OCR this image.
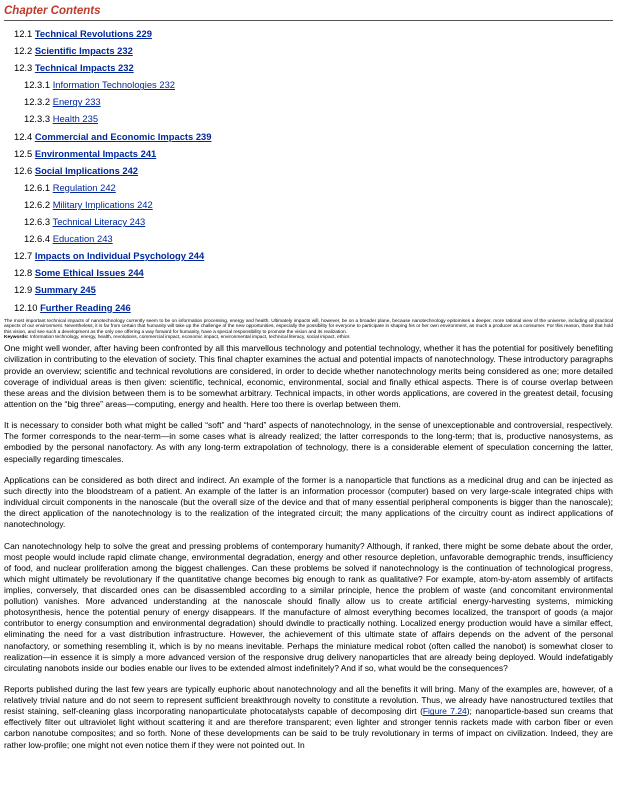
Chapter Contents
12.1 Technical Revolutions 229
12.2 Scientific Impacts 232
12.3 Technical Impacts 232
12.3.1 Information Technologies 232
12.3.2 Energy 233
12.3.3 Health 235
12.4 Commercial and Economic Impacts 239
12.5 Environmental Impacts 241
12.6 Social Implications 242
12.6.1 Regulation 242
12.6.2 Military Implications 242
12.6.3 Technical Literacy 243
12.6.4 Education 243
12.7 Impacts on Individual Psychology 244
12.8 Some Ethical Issues 244
12.9 Summary 245
12.10 Further Reading 246
The most important technical impacts of nanotechnology currently seem to be on information processing, energy and health. Ultimately impacts will, however, be on a broader plane, because nanotechnology epitomises a deeper, more rational view of the universe, including all practical aspects of our environment. Nevertheless, it is far from certain that humanity will take up the challenge of the new opportunities, especially the possibility for everyone to participate in shaping his or her own environment, as much a producer as a consumer. For this reason, those that hold this vision, and see such a development as the only one offering a way forward for humanity, have a special responsibility to promote the vision and its realization.
Keywords: Information technology, energy, health, revolutions, commercial impact, economic impact, environmental impact, technical literacy, social impact, ethics

One might well wonder, after having been confronted by all this marvellous technology and potential technology, whether it has the potential for positively benefiting civilization in contributing to the elevation of society. This final chapter examines the actual and potential impacts of nanotechnology. These introductory paragraphs provide an overview; scientific and technical revolutions are considered, in order to decide whether nanotechnology merits being considered as one; more detailed coverage of individual areas is then given: scientific, technical, economic, environmental, social and finally ethical aspects. There is of course overlap between these areas and the division between them is to be somewhat arbitrary. Technical impacts, in other words applications, are covered in the greatest detail, focusing attention on the “big three” areas—computing, energy and health. Here too there is overlap between them.

It is necessary to consider both what might be called “soft” and “hard” aspects of nanotechnology, in the sense of unexceptionable and controversial, respectively. The former corresponds to the near-term—in some cases what is already realized; the latter corresponds to the long-term; that is, productive nanosystems, as embodied by the personal nanofactory. As with any long-term extrapolation of technology, there is a considerable element of speculation concerning the latter, especially regarding timescales.

Applications can be considered as both direct and indirect. An example of the former is a nanoparticle that functions as a medicinal drug and can be injected as such directly into the bloodstream of a patient. An example of the latter is an information processor (computer) based on very large-scale integrated chips with individual circuit components in the nanoscale (but the overall size of the device and that of many essential peripheral components is bigger than the nanoscale); the direct application of the nanotechnology is to the realization of the integrated circuit; the many applications of the circuitry count as indirect applications of nanotechnology.

Can nanotechnology help to solve the great and pressing problems of contemporary humanity? Although, if ranked, there might be some debate about the order, most people would include rapid climate change, environmental degradation, energy and other resource depletion, unfavorable demographic trends, insufficiency of food, and nuclear proliferation among the biggest challenges. Can these problems be solved if nanotechnology is the continuation of technological progress, which might ultimately be revolutionary if the quantitative change becomes big enough to rank as qualitative? For example, atom-by-atom assembly of artifacts implies, conversely, that discarded ones can be disassembled according to a similar principle, hence the problem of waste (and concomitant environmental pollution) vanishes. More advanced understanding at the nanoscale should finally allow us to create artificial energy-harvesting systems, mimicking photosynthesis, hence the potential penury of energy disappears. If the manufacture of almost everything becomes localized, the transport of goods (a major contributor to energy consumption and environmental degradation) should dwindle to practically nothing. Localized energy production would have a similar effect, eliminating the need for a vast distribution infrastructure. However, the achievement of this ultimate state of affairs depends on the advent of the personal nanofactory, or something resembling it, which is by no means inevitable. Perhaps the miniature medical robot (often called the nanobot) is somewhat closer to realization—in essence it is simply a more advanced version of the responsive drug delivery nanoparticles that are already being deployed. Would indefatigably circulating nanobots inside our bodies enable our lives to be extended almost indefinitely? And if so, what would be the consequences?

Reports published during the last few years are typically euphoric about nanotechnology and all the benefits it will bring. Many of the examples are, however, of a relatively trivial nature and do not seem to represent sufficient breakthrough novelty to constitute a revolution. Thus, we already have nanostructured textiles that resist staining, self-cleaning glass incorporating nanoparticulate photocatalysts capable of decomposing dirt (Figure 7.24); nanoparticle-based sun creams that effectively filter out ultraviolet light without scattering it and are therefore transparent; even lighter and stronger tennis rackets made with carbon fiber or even carbon nanotube composites; and so forth. None of these developments can be said to be truly revolutionary in terms of impact on civilization. Indeed, they are rather low-profile; one might not even notice them if they were not pointed out. In
